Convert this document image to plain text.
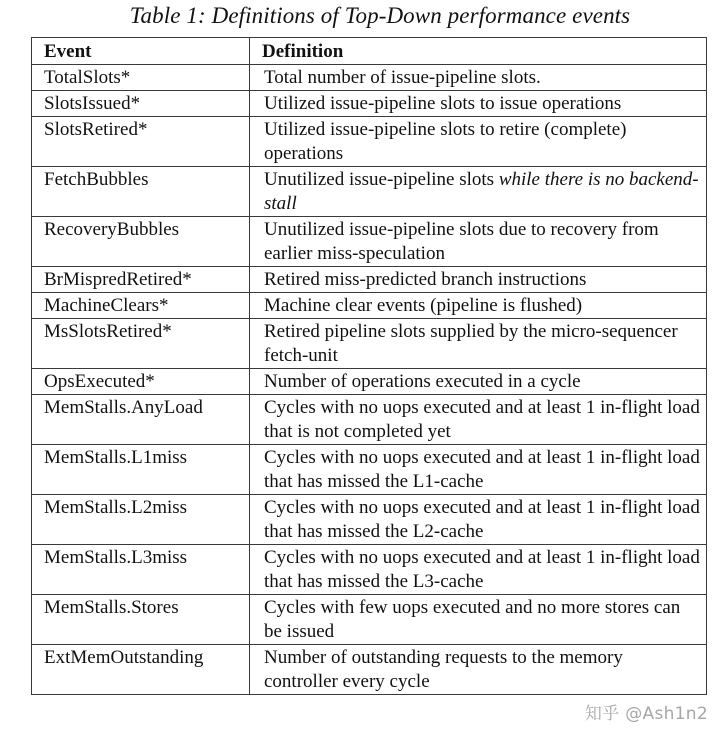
Table 1: Definitions of Top-Down performance events
Event	Definition
TotalSlots*	Total number of issue-pipeline slots.
SlotsIssued*	Utilized issue-pipeline slots to issue operations
SlotsRetired*	Utilized issue-pipeline slots to retire (complete) operations
FetchBubbles	Unutilized issue-pipeline slots while there is no backend-stall
RecoveryBubbles	Unutilized issue-pipeline slots due to recovery from earlier miss-speculation
BrMispredRetired*	Retired miss-predicted branch instructions
MachineClears*	Machine clear events (pipeline is flushed)
MsSlotsRetired*	Retired pipeline slots supplied by the micro-sequencer fetch-unit
OpsExecuted*	Number of operations executed in a cycle
MemStalls.AnyLoad	Cycles with no uops executed and at least 1 in-flight load that is not completed yet
MemStalls.L1miss	Cycles with no uops executed and at least 1 in-flight load that has missed the L1-cache
MemStalls.L2miss	Cycles with no uops executed and at least 1 in-flight load that has missed the L2-cache
MemStalls.L3miss	Cycles with no uops executed and at least 1 in-flight load that has missed the L3-cache
MemStalls.Stores	Cycles with few uops executed and no more stores can be issued
ExtMemOutstanding	Number of outstanding requests to the memory controller every cycle
知乎 @Ash1n2
